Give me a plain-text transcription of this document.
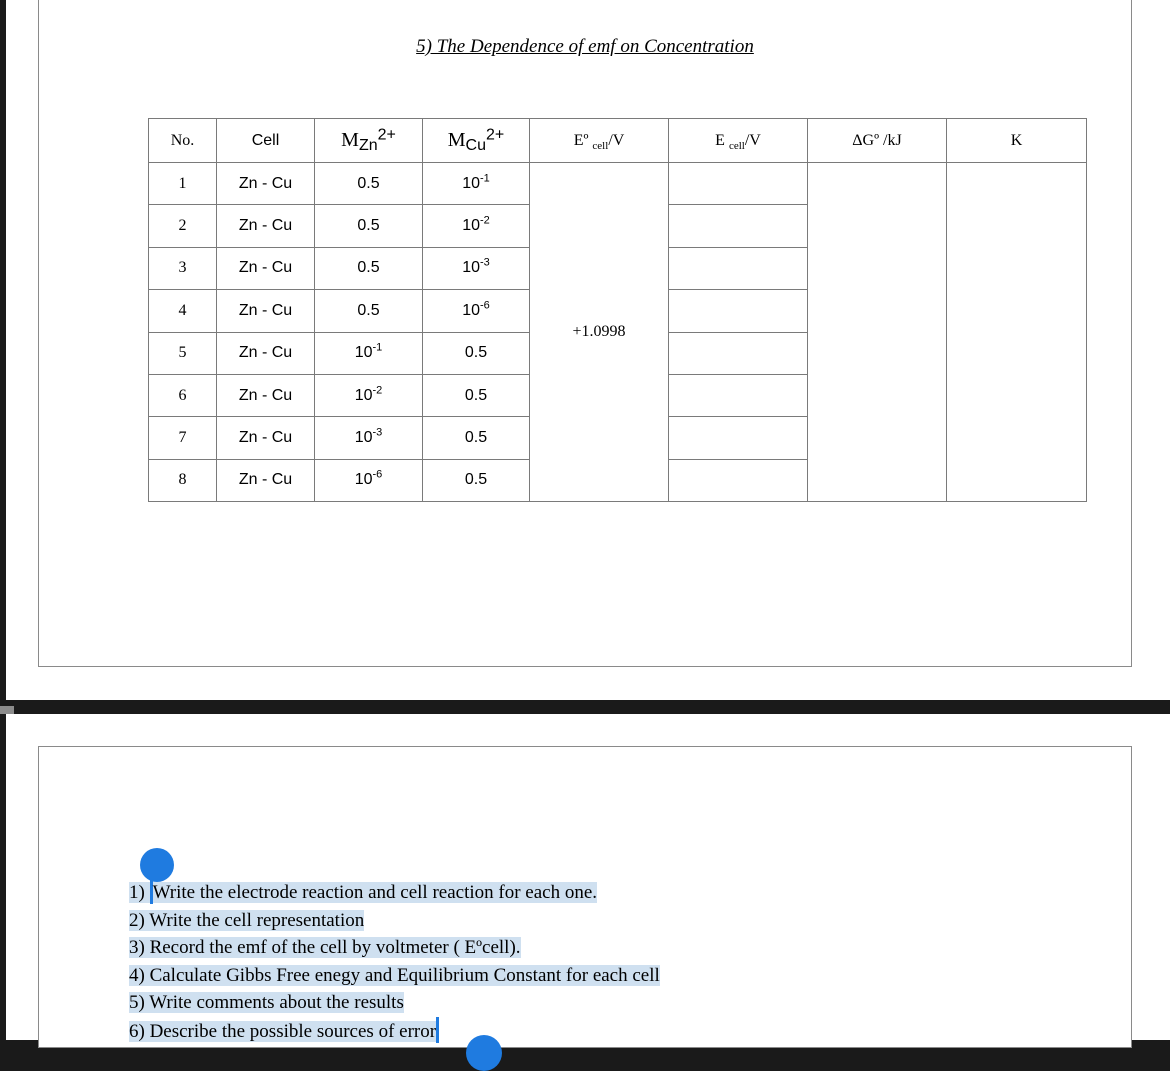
5) The Dependence of emf on Concentration
No.	Cell	$M_{Zn}^{2+}$	$M_{Cu}^{2+}$	Eº $_{cell}$/V	E $_{cell}$/V	ΔGº /kJ	K
1	Zn - Cu	0.5	$10^{-1}$	+1.0998			
2	Zn - Cu	0.5	$10^{-2}$	
3	Zn - Cu	0.5	$10^{-3}$	
4	Zn - Cu	0.5	$10^{-6}$	
5	Zn - Cu	$10^{-1}$	0.5				
6	Zn - Cu	$10^{-2}$	0.5				
7	Zn - Cu	$10^{-3}$	0.5				
8	Zn - Cu	$10^{-6}$	0.5				
1) Write the electrode reaction and cell reaction for each one.
2) Write the cell representation
3) Record the emf of the cell by voltmeter ( Eºcell).
4) Calculate Gibbs Free enegy and Equilibrium Constant for each cell
5) Write comments about the results
6) Describe the possible sources of error
